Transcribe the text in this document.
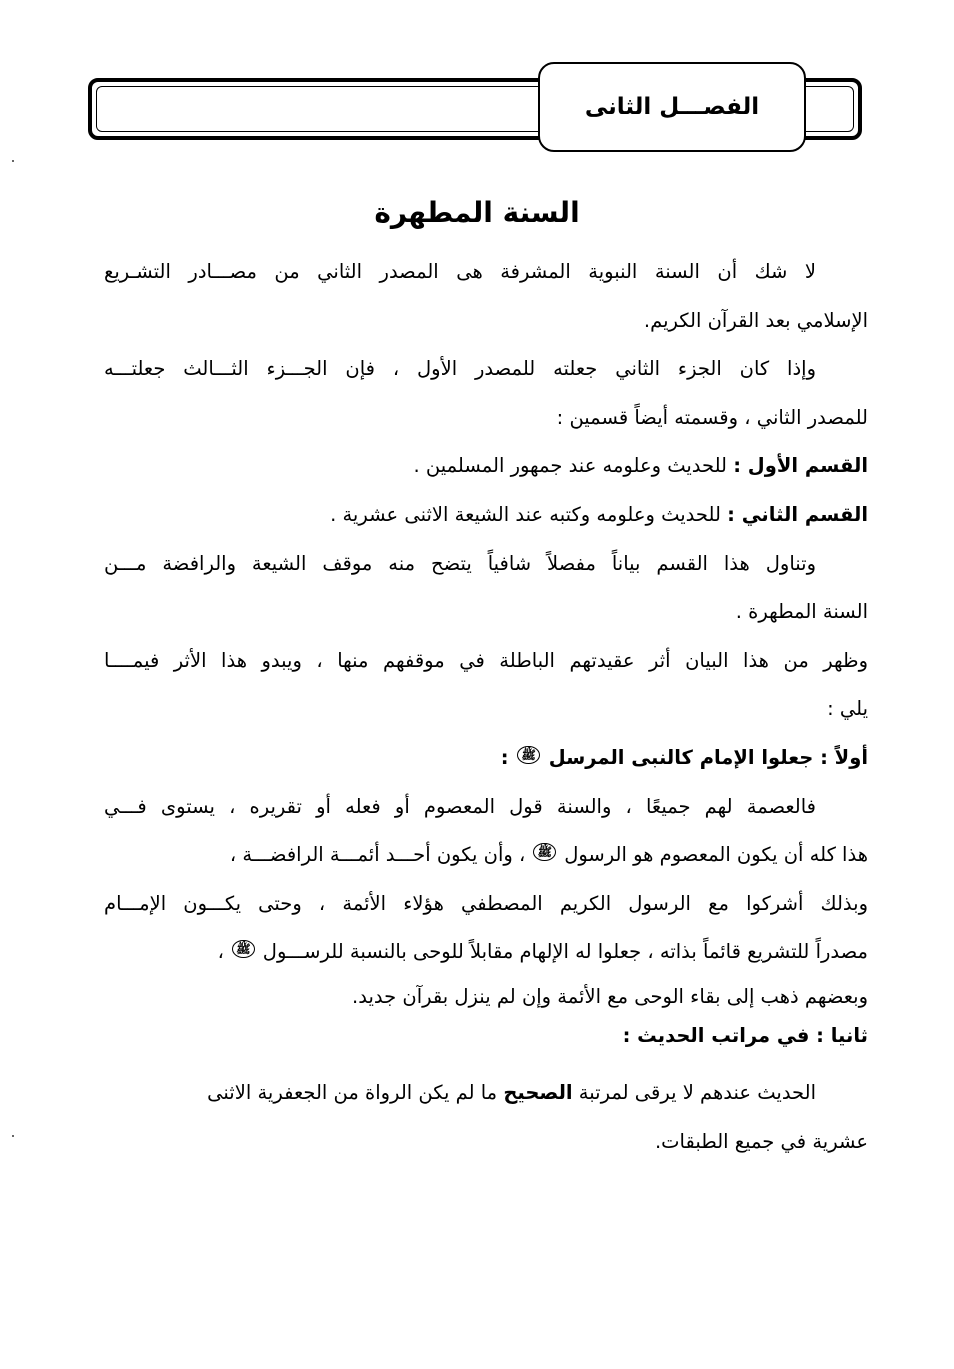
الفصـــل الثانى
السنة المطهرة
لا شك أن السنة النبوية المشرفة هى المصدر الثاني من مصـــادر التشـريع
الإسلامي بعد القرآن الكريم.
وإذا كان الجزء الثاني جعلته للمصدر الأول ، فإن الجـــزء الثـــالث جعلتـــه
للمصدر الثاني ، وقسمته أيضاً قسمين :
القسم الأول : للحديث وعلومه عند جمهور المسلمين .
القسم الثاني : للحديث وعلومه وكتبه عند الشيعة الاثنى عشرية .
وتناول هذا القسم بياناً مفصلاً شافياً يتضح منه موقف الشيعة والرافضة مـــن
السنة المطهرة .
وظهر من هذا البيان أثر عقيدتهم الباطلة في موقفهم منها ، ويبدو هذا الأثر فيمــــا
يلي :
أولاً : جعلوا الإمام كالنبى المرسل ﷺ :
فالعصمة لهم جميعًا ، والسنة قول المعصوم أو فعله أو تقريره ، يستوى فـــي
هذا كله أن يكون المعصوم هو الرسول ﷺ ، وأن يكون أحـــد أئمـــة الرافضـــة ،
وبذلك أشركوا مع الرسول الكريم المصطفي هؤلاء الأئمة ، وحتى يكـــون الإمـــام
مصدراً للتشريع قائماً بذاته ، جعلوا له الإلهام مقابلاً للوحى بالنسبة للرســـول ﷺ ،
وبعضهم ذهب إلى بقاء الوحى مع الأئمة وإن لم ينزل بقرآن جديد.
ثانيا : في مراتب الحديث :
الحديث عندهم لا يرقى لمرتبة الصحيح ما لم يكن الرواة من الجعفرية الاثنى
عشرية في جميع الطبقات.
